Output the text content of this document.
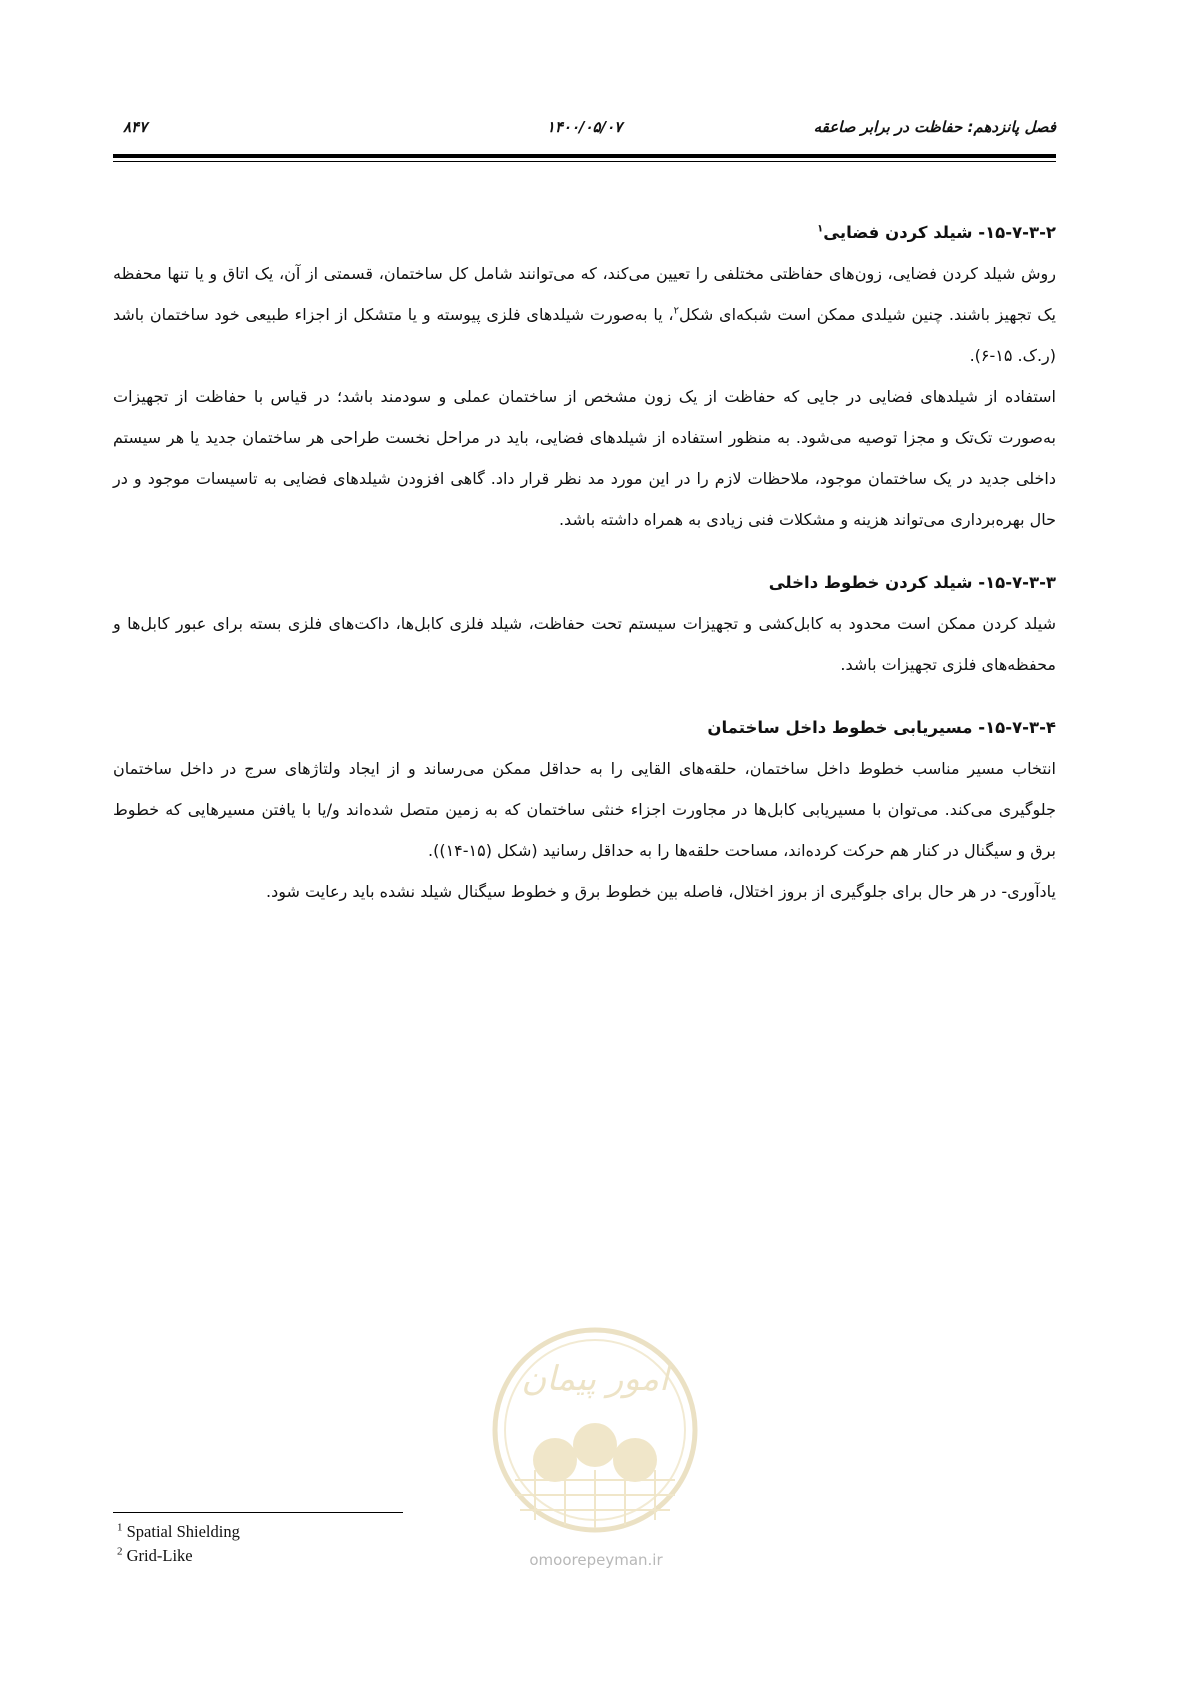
فصل پانزدهم: حفاظت در برابر صاعقه
۱۴۰۰/۰۵/۰۷
۸۴۷
۱۵-۷-۳-۲- شیلد کردن فضایی$^۱$

روش شیلد کردن فضایی، زون‌های حفاظتی مختلفی را تعیین می‌کند، که می‌توانند شامل کل ساختمان، قسمتی از آن، یک اتاق و یا تنها محفظه یک تجهیز باشند. چنین شیلدی ممکن است شبکه‌ای شکل$^۲$، یا به‌صورت شیلدهای فلزی پیوسته و یا متشکل از اجزاء طبیعی خود ساختمان باشد (ر.ک. ۱۵-۶).

استفاده از شیلدهای فضایی در جایی که حفاظت از یک زون مشخص از ساختمان عملی و سودمند باشد؛ در قیاس با حفاظت از تجهیزات به‌صورت تک‌تک و مجزا توصیه می‌شود. به منظور استفاده از شیلدهای فضایی، باید در مراحل نخست طراحی هر ساختمان جدید یا هر سیستم داخلی جدید در یک ساختمان موجود، ملاحظات لازم را در این مورد مد نظر قرار داد. گاهی افزودن شیلدهای فضایی به تاسیسات موجود و در حال بهره‌برداری می‌تواند هزینه و مشکلات فنی زیادی به همراه داشته باشد.

۱۵-۷-۳-۳- شیلد کردن خطوط داخلی

شیلد کردن ممکن است محدود به کابل‌کشی و تجهیزات سیستم تحت حفاظت، شیلد فلزی کابل‌ها، داکت‌های فلزی بسته برای عبور کابل‌ها و محفظه‌های فلزی تجهیزات باشد.

۱۵-۷-۳-۴- مسیریابی خطوط داخل ساختمان

انتخاب مسیر مناسب خطوط داخل ساختمان، حلقه‌های القایی را به حداقل ممکن می‌رساند و از ایجاد ولتاژهای سرج در داخل ساختمان جلوگیری می‌کند. می‌توان با مسیریابی کابل‌ها در مجاورت اجزاء خنثی ساختمان که به زمین متصل شده‌اند و/یا با یافتن مسیرهایی که خطوط برق و سیگنال در کنار هم حرکت کرده‌اند، مساحت حلقه‌ها را به حداقل رسانید (شکل (۱۵-۱۴)).

یادآوری- در هر حال برای جلوگیری از بروز اختلال، فاصله بین خطوط برق و خطوط سیگنال شیلد نشده باید رعایت شود.

امور پیمان
omoorepeyman.ir
$^1$ Spatial Shielding
$^2$ Grid-Like
